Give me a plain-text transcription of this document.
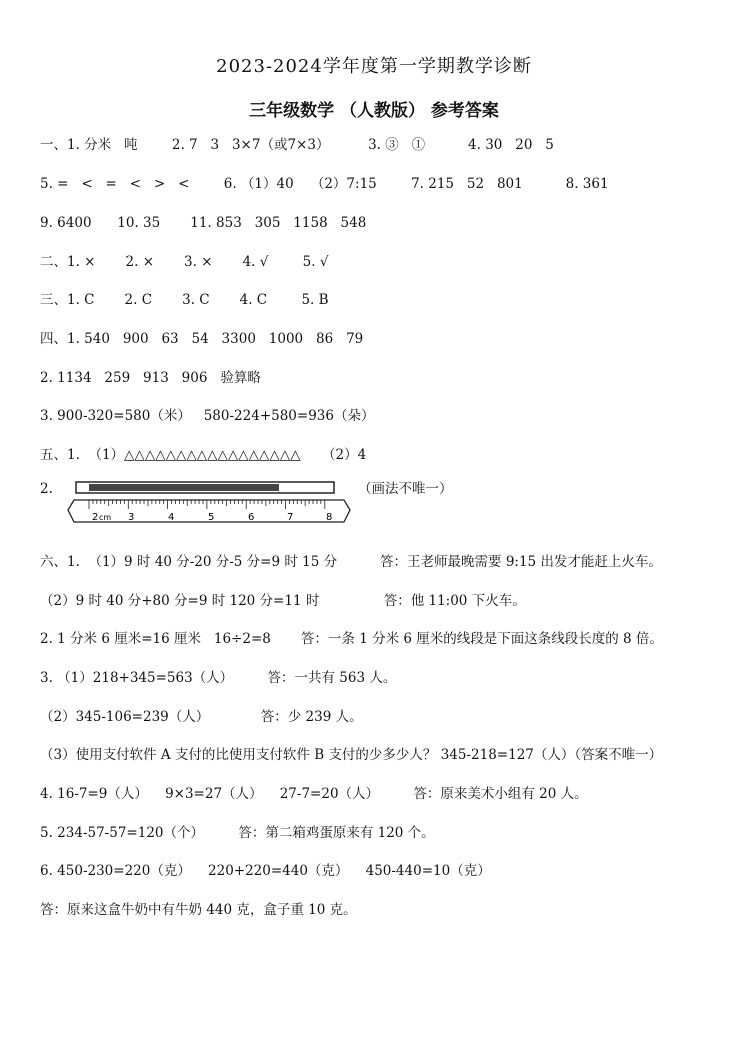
2023-2024学年度第一学期教学诊断
三年级数学 （人教版） 参考答案
一、1. 分米   吨        2. 7   3   3×7（或7×3）         3. ③   ①          4. 30   20   5
5. =   <   =   <   >   <        6. （1）40    （2）7:15        7. 215   52   801          8. 361
9. 6400      10. 35       11. 853   305   1158   548
二、1. ×       2. ×       3. ×       4. √        5. √
三、1. C       2. C       3. C       4. C        5. B
四、1. 540   900   63   54   3300   1000   86   79
2. 1134   259   913   906   验算略
3. 900-320=580（米）   580-224+580=936（朵）
五、1.  （1）△△△△△△△△△△△△△△△△△     （2）4
2.
2 cm	4
3	5	6	7	8
（画法不唯一）
六、1.  （1）9 时 40 分-20 分-5 分=9 时 15 分          答：王老师最晚需要 9:15 出发才能赶上火车。
（2）9 时 40 分+80 分=9 时 120 分=11 时               答：他 11:00 下火车。
2. 1 分米 6 厘米=16 厘米   16÷2=8       答：一条 1 分米 6 厘米的线段是下面这条线段长度的 8 倍。
3. （1）218+345=563（人）        答：一共有 563 人。
（2）345-106=239（人）            答：少 239 人。
（3）使用支付软件 A 支付的比使用支付软件 B 支付的少多少人？ 345-218=127（人）（答案不唯一）
4. 16-7=9（人）    9×3=27（人）    27-7=20（人）        答：原来美术小组有 20 人。
5. 234-57-57=120（个）        答：第二箱鸡蛋原来有 120 个。
6. 450-230=220（克）    220+220=440（克）    450-440=10（克）
答：原来这盒牛奶中有牛奶 440 克，盒子重 10 克。
